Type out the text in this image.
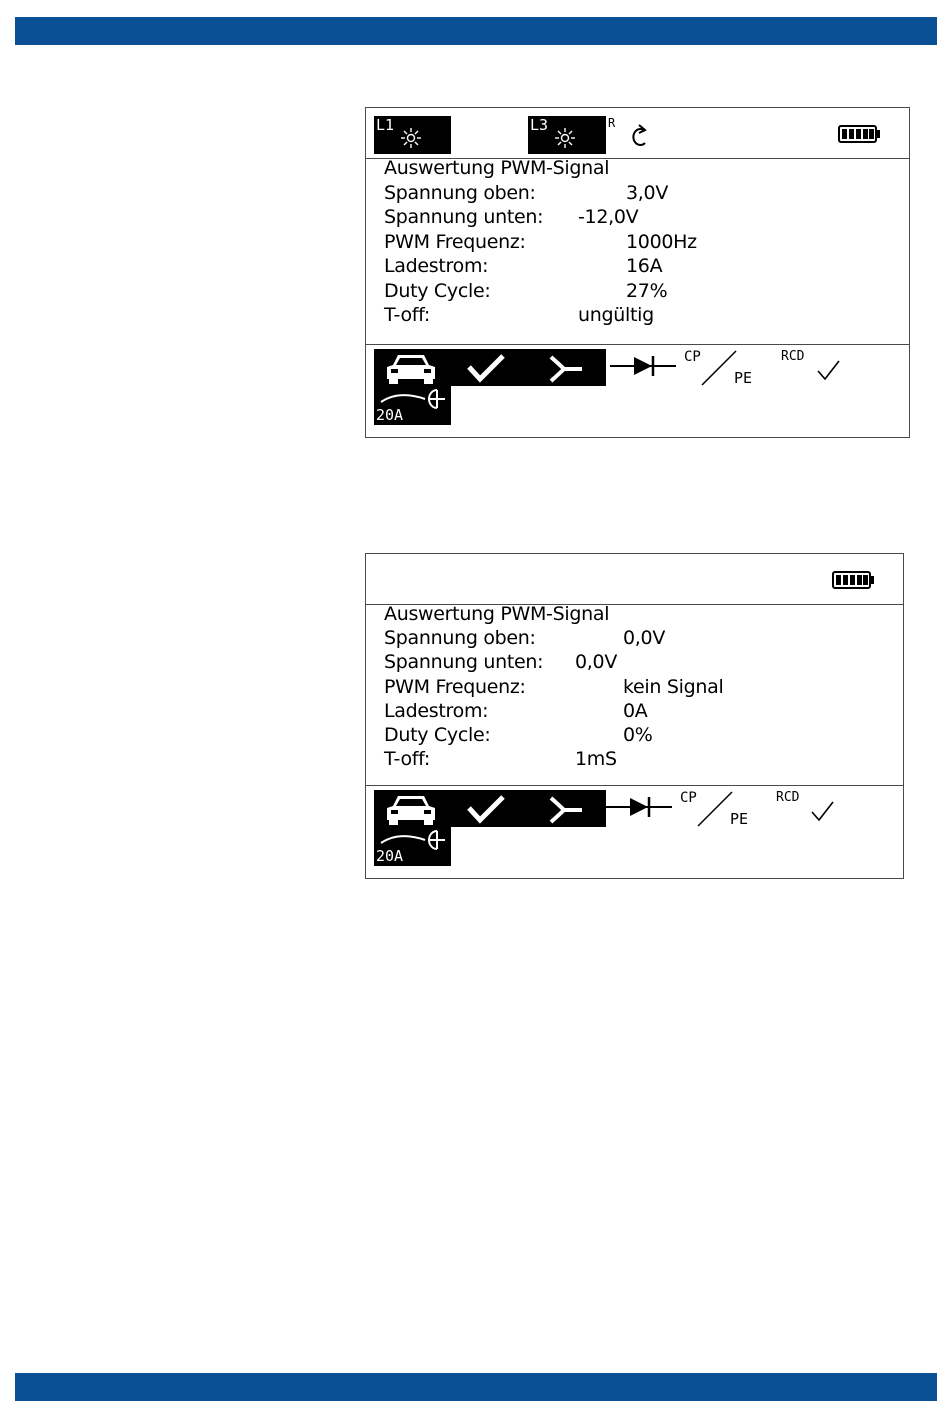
L1	L3	R
Auswertung PWM-Signal
Spannung oben:	3,0V
Spannung unten: -12,0V
PWM Frequenz:	1000Hz
Ladestrom:	16A
Duty Cycle:	27%
T-off:	ungültig
20A
CP
PE
RCD
Auswertung PWM-Signal
Spannung oben:	0,0V
Spannung unten: 0,0V
PWM Frequenz:	kein Signal
Ladestrom:	0A
Duty Cycle:	0%
T-off:	1mS
20A
CP
PE
RCD
